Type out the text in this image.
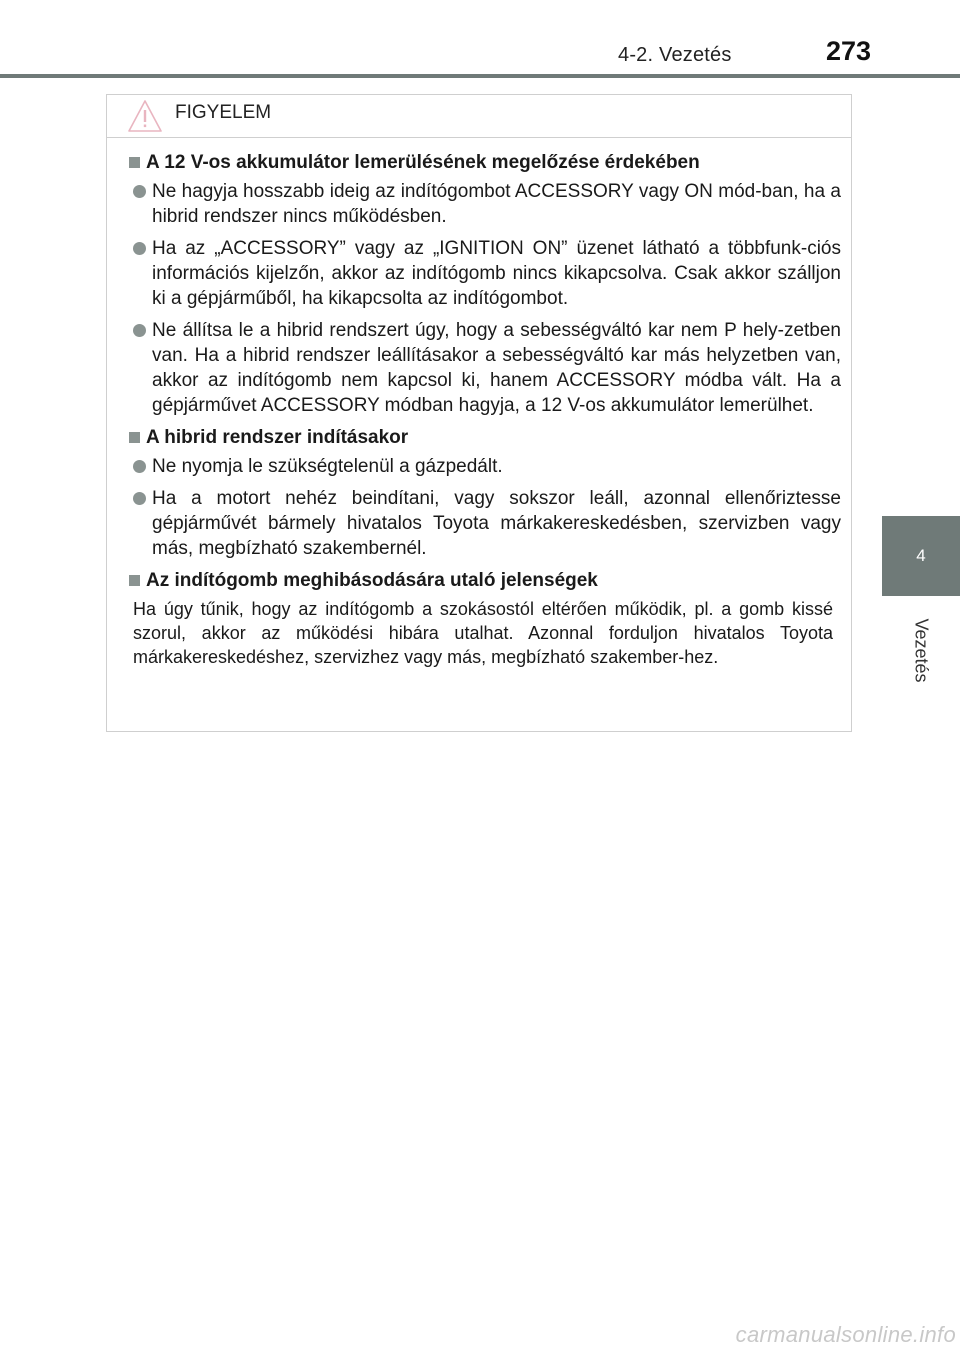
4-2. Vezetés	273
4
Vezetés
FIGYELEM
A 12 V-os akkumulátor lemerülésének megelőzése érdekében
Ne hagyja hosszabb ideig az indítógombot ACCESSORY vagy ON mód-ban, ha a hibrid rendszer nincs működésben.
Ha az „ACCESSORY” vagy az „IGNITION ON” üzenet látható a többfunk-ciós információs kijelzőn, akkor az indítógomb nincs kikapcsolva. Csak akkor szálljon ki a gépjárműből, ha kikapcsolta az indítógombot.
Ne állítsa le a hibrid rendszert úgy, hogy a sebességváltó kar nem P hely-zetben van. Ha a hibrid rendszer leállításakor a sebességváltó kar más helyzetben van, akkor az indítógomb nem kapcsol ki, hanem ACCESSORY módba vált. Ha a gépjárművet ACCESSORY módban hagyja, a 12 V-os akkumulátor lemerülhet.
A hibrid rendszer indításakor
Ne nyomja le szükségtelenül a gázpedált.
Ha a motort nehéz beindítani, vagy sokszor leáll, azonnal ellenőriztesse gépjárművét bármely hivatalos Toyota márkakereskedésben, szervizben vagy más, megbízható szakembernél.
Az indítógomb meghibásodására utaló jelenségek
Ha úgy tűnik, hogy az indítógomb a szokásostól eltérően működik, pl. a gomb kissé szorul, akkor az működési hibára utalhat. Azonnal forduljon hivatalos Toyota márkakereskedéshez, szervizhez vagy más, megbízható szakember-hez.
carmanualsonline.info
